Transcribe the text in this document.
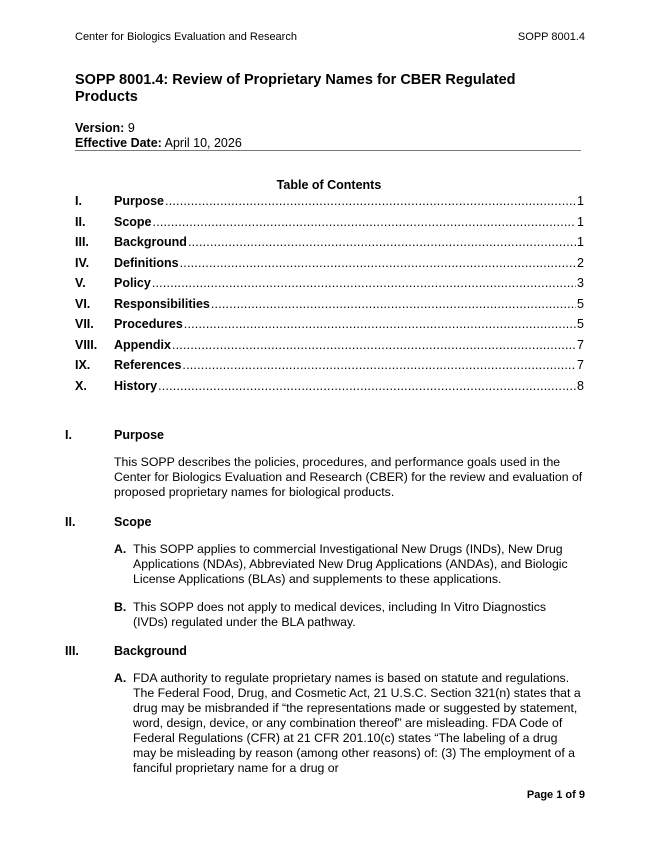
Center for Biologics Evaluation and Research	SOPP 8001.4
SOPP 8001.4: Review of Proprietary Names for CBER Regulated Products
Version: 9
Effective Date: April 10, 2026
Table of Contents
I.	Purpose .....	1
II.	Scope .....	1
III.	Background .....	1
IV.	Definitions .....	2
V.	Policy .....	3
VI.	Responsibilities .....	5
VII.	Procedures .....	5
VIII.	Appendix .....	7
IX.	References .....	7
X.	History .....	8
I.	Purpose
This SOPP describes the policies, procedures, and performance goals used in the Center for Biologics Evaluation and Research (CBER) for the review and evaluation of proposed proprietary names for biological products.
II.	Scope
A. This SOPP applies to commercial Investigational New Drugs (INDs), New Drug Applications (NDAs), Abbreviated New Drug Applications (ANDAs), and Biologic License Applications (BLAs) and supplements to these applications.
B. This SOPP does not apply to medical devices, including In Vitro Diagnostics (IVDs) regulated under the BLA pathway.
III.	Background
A. FDA authority to regulate proprietary names is based on statute and regulations. The Federal Food, Drug, and Cosmetic Act, 21 U.S.C. Section 321(n) states that a drug may be misbranded if “the representations made or suggested by statement, word, design, device, or any combination thereof” are misleading. FDA Code of Federal Regulations (CFR) at 21 CFR 201.10(c) states “The labeling of a drug may be misleading by reason (among other reasons) of: (3) The employment of a fanciful proprietary name for a drug or
Page 1 of 9
